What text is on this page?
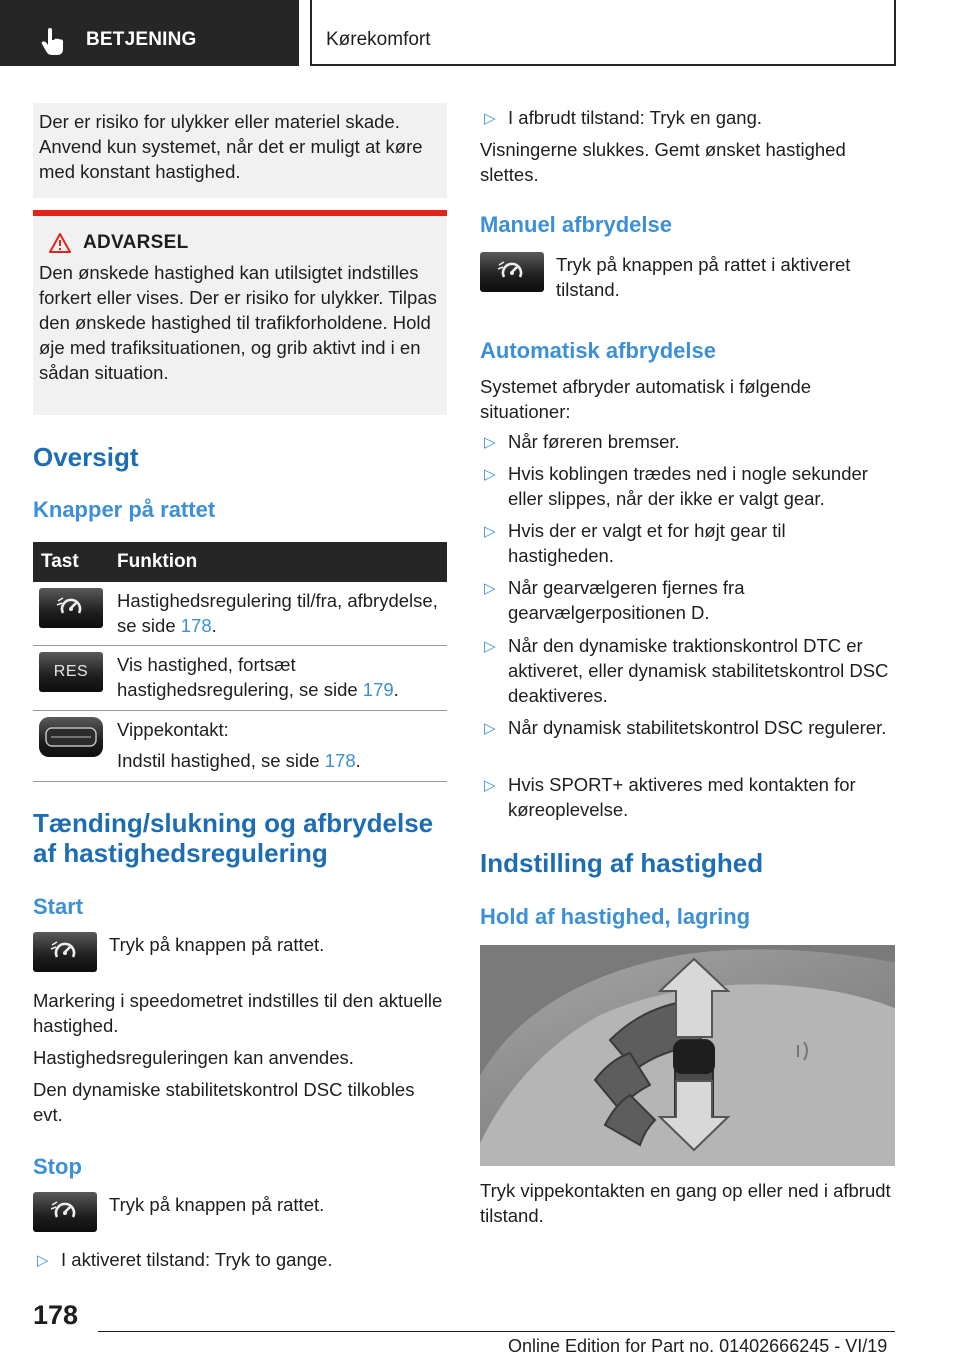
BETJENING	Kørekomfort
Der er risiko for ulykker eller materiel skade. Anvend kun systemet, når det er muligt at køre med konstant hastighed.
ADVARSEL
Den ønskede hastighed kan utilsigtet indstilles forkert eller vises. Der er risiko for ulykker. Tilpas den ønskede hastighed til trafikforholdene. Hold øje med trafiksituationen, og grib aktivt ind i en sådan situation.
Oversigt
Knapper på rattet
Tast	Funktion
Hastighedsregulering til/fra, afbrydelse, se side 178.
RES Vis hastighed, fortsæt hastighedsregulering, se side 179.
Vippekontakt:
Indstil hastighed, se side 178.
Tænding/slukning og afbrydelse af hastighedsregulering
Start
Tryk på knappen på rattet.
Markering i speedometret indstilles til den aktuelle hastighed.
Hastighedsreguleringen kan anvendes.
Den dynamiske stabilitetskontrol DSC tilkobles evt.
Stop
Tryk på knappen på rattet.
▷ I aktiveret tilstand: Tryk to gange.
▷ I afbrudt tilstand: Tryk en gang.
Visningerne slukkes. Gemt ønsket hastighed slettes.
Manuel afbrydelse
Tryk på knappen på rattet i aktiveret tilstand.
Automatisk afbrydelse
Systemet afbryder automatisk i følgende situationer:
▷ Når føreren bremser.
▷ Hvis koblingen trædes ned i nogle sekunder eller slippes, når der ikke er valgt gear.
▷ Hvis der er valgt et for højt gear til hastigheden.
▷ Når gearvælgeren fjernes fra gearvælgerpositionen D.
▷ Når den dynamiske traktionskontrol DTC er aktiveret, eller dynamisk stabilitetskontrol DSC deaktiveres.
▷ Når dynamisk stabilitetskontrol DSC regulerer.
▷ Hvis SPORT+ aktiveres med kontakten for køreoplevelse.
Indstilling af hastighed
Hold af hastighed, lagring
Tryk vippekontakten en gang op eller ned i afbrudt tilstand.
178
Online Edition for Part no. 01402666245 - VI/19
